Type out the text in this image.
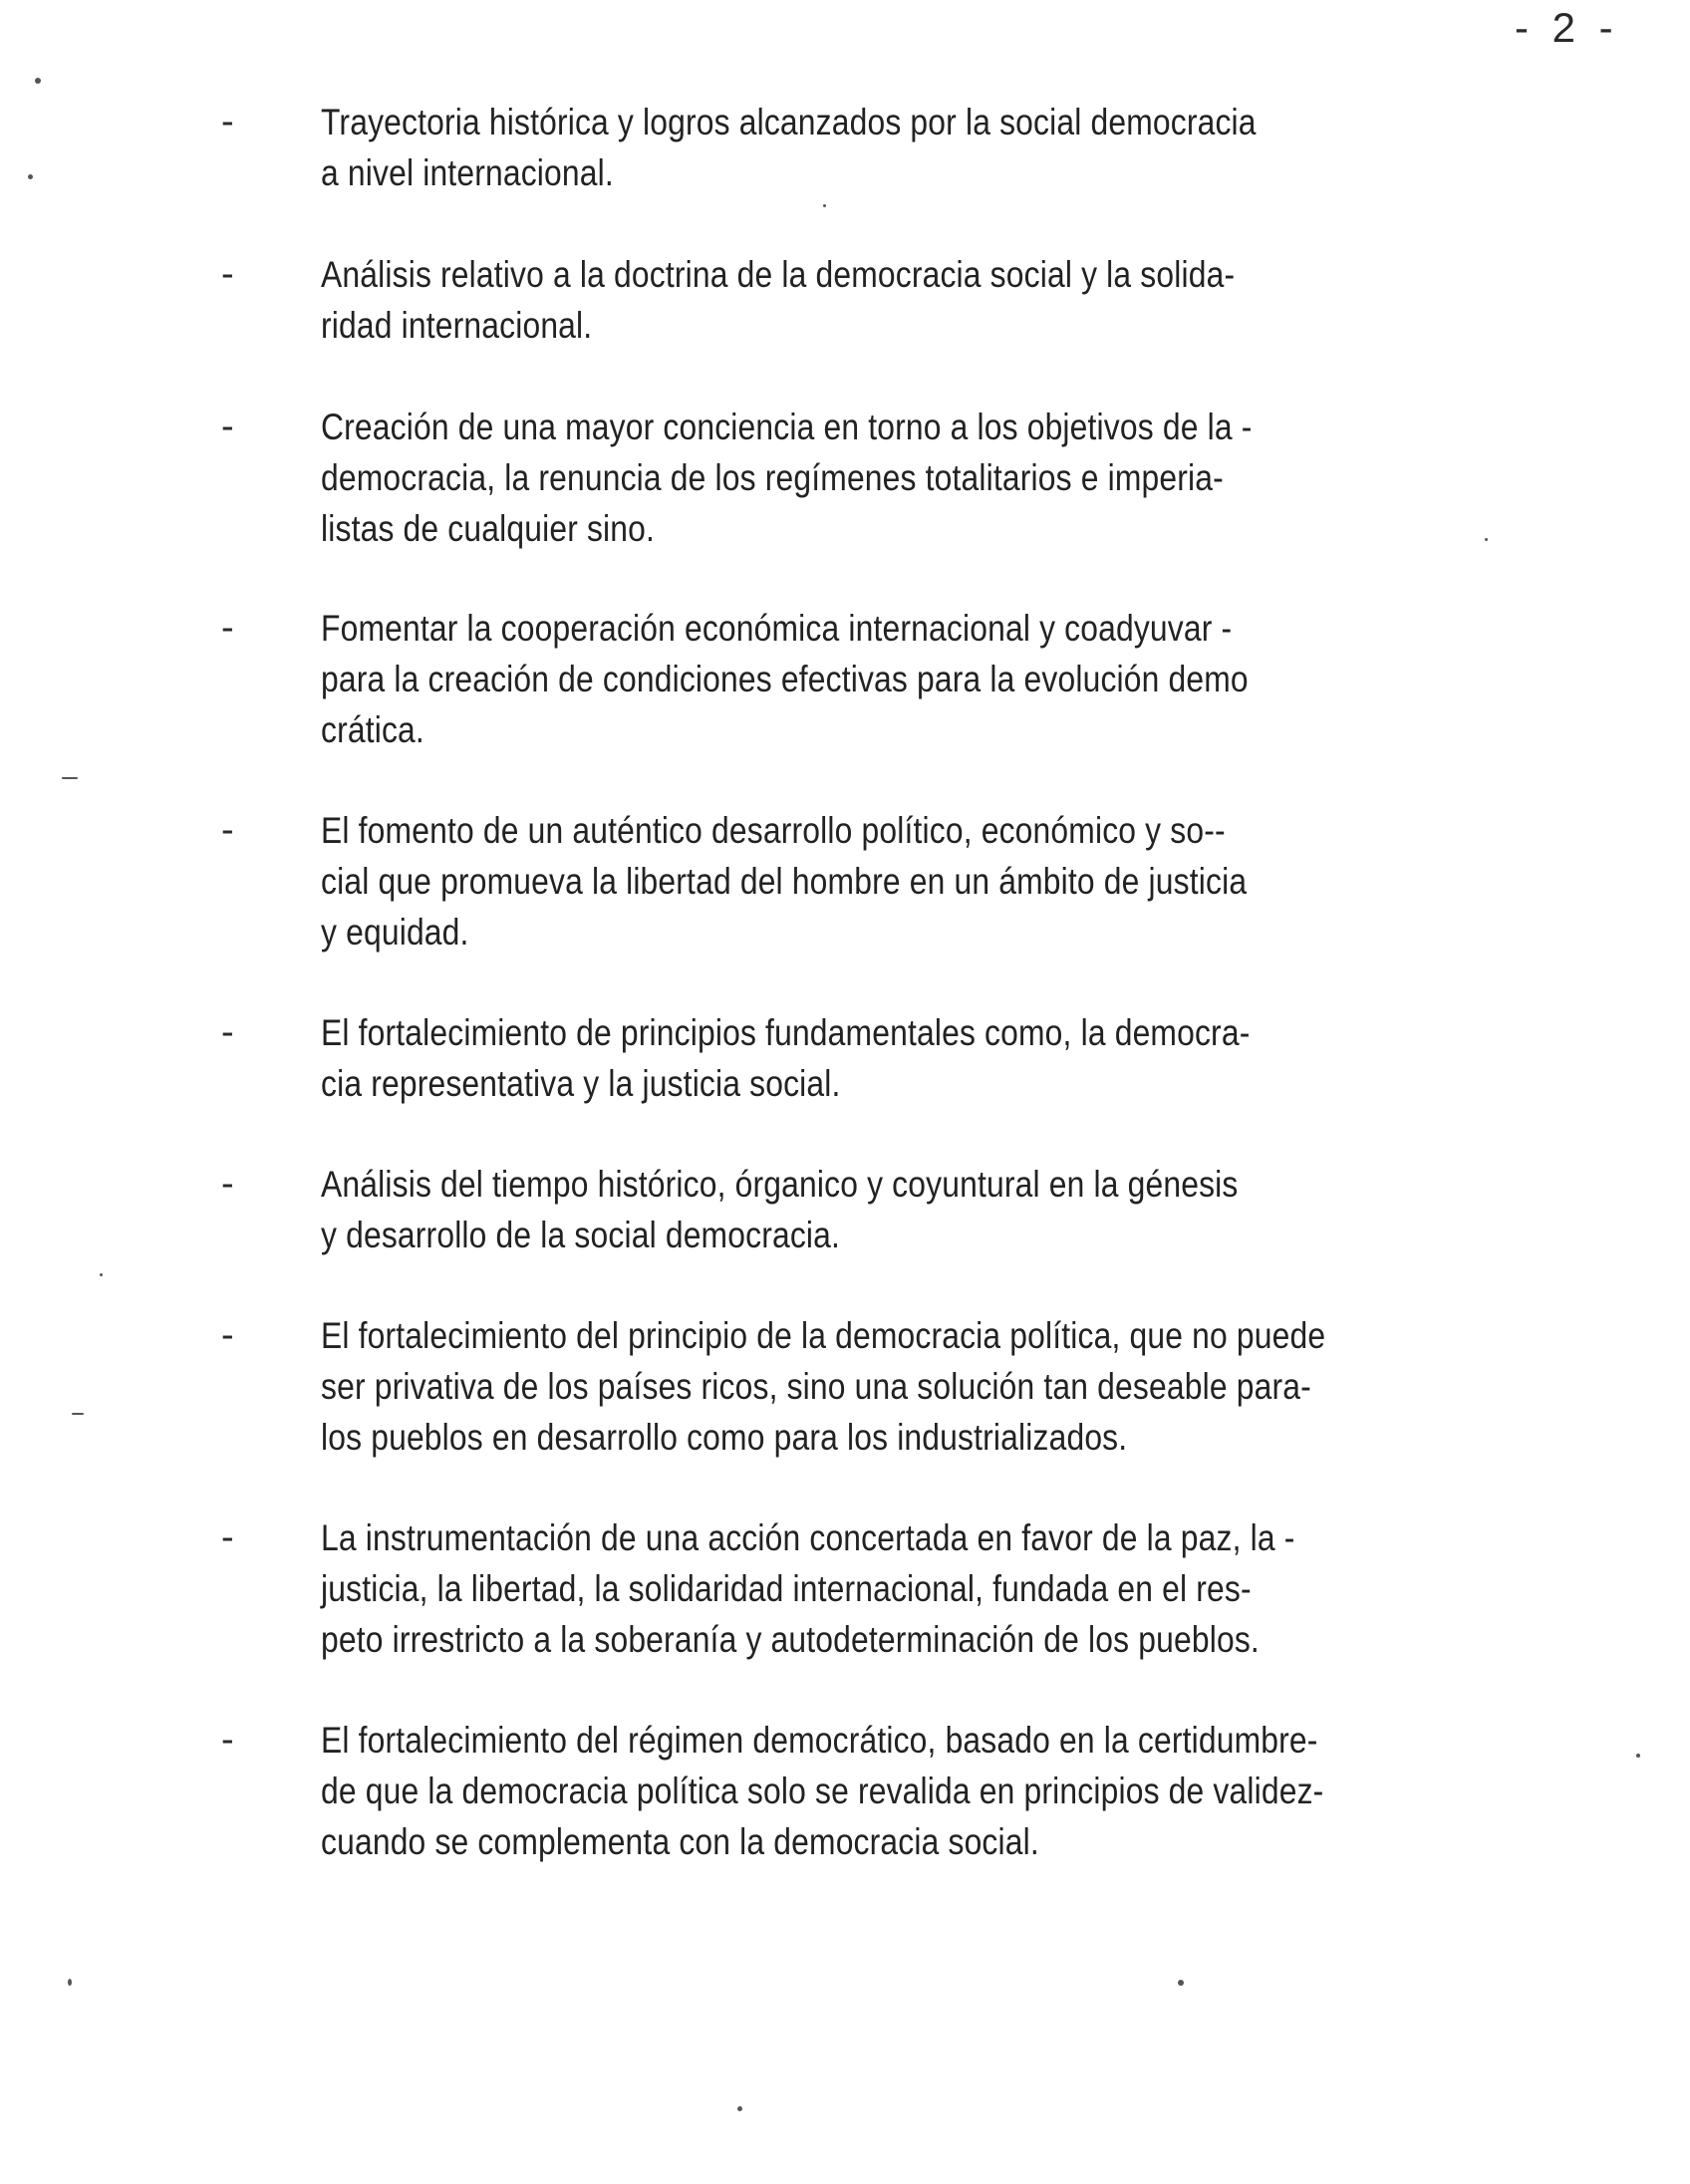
- 2 -
- Trayectoria histórica y logros alcanzados por la social democracia
a nivel internacional.

- Análisis relativo a la doctrina de la democracia social y la solida-
ridad internacional.

- Creación de una mayor conciencia en torno a los objetivos de la -
democracia, la renuncia de los regímenes totalitarios e imperia-
listas de cualquier sino.

- Fomentar la cooperación económica internacional y coadyuvar -
para la creación de condiciones efectivas para la evolución demo
crática.

- El fomento de un auténtico desarrollo político, económico y so--
cial que promueva la libertad del hombre en un ámbito de justicia
y equidad.

- El fortalecimiento de principios fundamentales como, la democra-
cia representativa y la justicia social.

- Análisis del tiempo histórico, órganico y coyuntural en la génesis
y desarrollo de la social democracia.

- El fortalecimiento del principio de la democracia política, que no puede
ser privativa de los países ricos, sino una solución tan deseable para-
los pueblos en desarrollo como para los industrializados.

- La instrumentación de una acción concertada en favor de la paz, la -
justicia, la libertad, la solidaridad internacional, fundada en el res-
peto irrestricto a la soberanía y autodeterminación de los pueblos.

- El fortalecimiento del régimen democrático, basado en la certidumbre-
de que la democracia política solo se revalida en principios de validez-
cuando se complementa con la democracia social.
